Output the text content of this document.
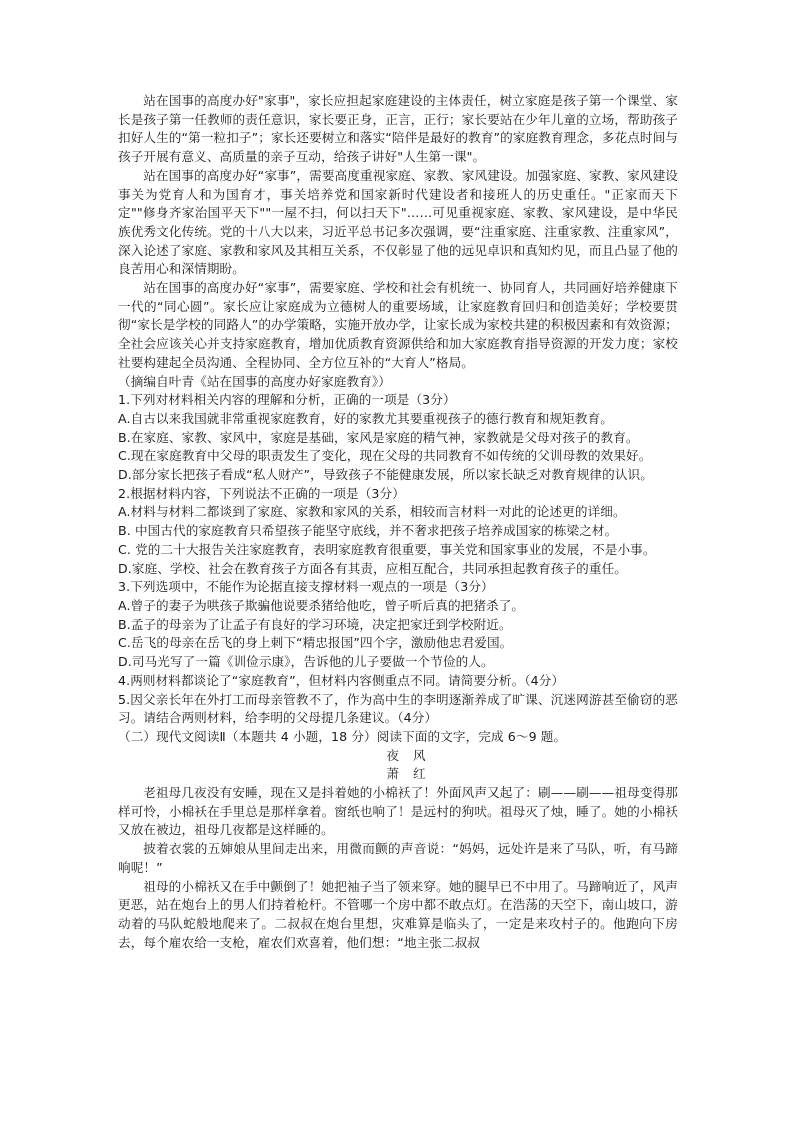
站在国事的高度办好"家事"，家长应担起家庭建设的主体责任，树立家庭是孩子第一个课堂、家长是孩子第一任教师的责任意识，家长要正身，正言，正行；家长要站在少年儿童的立场，帮助孩子扣好人生的“第一粒扣子”；家长还要树立和落实“陪伴是最好的教育”的家庭教育理念，多花点时间与孩子开展有意义、高质量的亲子互动，给孩子讲好"人生第一课"。

站在国事的高度办好“家事”，需要高度重视家庭、家教、家风建设。加强家庭、家教、家风建设事关为党育人和为国育才，事关培养党和国家新时代建设者和接班人的历史重任。"正家而天下定""修身齐家治国平天下""一屋不扫，何以扫天下"……可见重视家庭、家教、家风建设，是中华民族优秀文化传统。党的十八大以来，习近平总书记多次强调，要“注重家庭、注重家教、注重家风”，深入论述了家庭、家教和家风及其相互关系，不仅彰显了他的远见卓识和真知灼见，而且凸显了他的良苦用心和深情期盼。

站在国事的高度办好“家事”，需要家庭、学校和社会有机统一、协同育人，共同画好培养健康下一代的“同心圆”。家长应让家庭成为立德树人的重要场域，让家庭教育回归和创造美好；学校要贯彻“家长是学校的同路人”的办学策略，实施开放办学，让家长成为家校共建的积极因素和有效资源；全社会应该关心并支持家庭教育，增加优质教育资源供给和加大家庭教育指导资源的开发力度；家校社要构建起全员沟通、全程协同、全方位互补的“大育人”格局。

（摘编自叶青《站在国事的高度办好家庭教育》）

1.下列对材料相关内容的理解和分析，正确的一项是（3分）

A.自古以来我国就非常重视家庭教育，好的家教尤其要重视孩子的德行教育和规矩教育。

B.在家庭、家教、家风中，家庭是基础，家风是家庭的精气神，家教就是父母对孩子的教育。

C.现在家庭教育中父母的职责发生了变化，现在父母的共同教育不如传统的父训母教的效果好。

D.部分家长把孩子看成“私人财产”，导致孩子不能健康发展，所以家长缺乏对教育规律的认识。

2.根据材料内容，下列说法不正确的一项是（3分）

A.材料与材料二都谈到了家庭、家教和家风的关系，相较而言材料一对此的论述更的详细。

B. 中国古代的家庭教育只希望孩子能坚守底线，并不奢求把孩子培养成国家的栋梁之材。

C. 党的二十大报告关注家庭教育，表明家庭教育很重要，事关党和国家事业的发展，不是小事。

D.家庭、学校、社会在教育孩子方面各有其责，应相互配合，共同承担起教育孩子的重任。

3.下列选项中，不能作为论据直接支撑材料一观点的一项是（3分）

A.曾子的妻子为哄孩子欺骗他说要杀猪给他吃，曾子听后真的把猪杀了。

B.孟子的母亲为了让孟子有良好的学习环境，决定把家迁到学校附近。

C.岳飞的母亲在岳飞的身上刺下“精忠报国”四个字，激励他忠君爱国。

D.司马光写了一篇《训俭示康》，告诉他的儿子要做一个节俭的人。

4.两则材料都谈论了“家庭教育”，但材料内容侧重点不同。请简要分析。（4分）

5.因父亲长年在外打工而母亲管教不了，作为高中生的李明逐渐养成了旷课、沉迷网游甚至偷窃的恶习。请结合两则材料，给李明的父母提几条建议。（4分）

（二）现代文阅读Ⅱ（本题共 4 小题，18 分）阅读下面的文字，完成 6～9 题。

夜风

萧红

老祖母几夜没有安睡，现在又是抖着她的小棉袄了！外面风声又起了：刷——刷——祖母变得那样可怜，小棉袄在手里总是那样拿着。窗纸也响了！是远村的狗吠。祖母灭了烛，睡了。她的小棉袄又放在被边，祖母几夜都是这样睡的。

披着衣裳的五婶娘从里间走出来，用微而颤的声音说：“妈妈，远处许是来了马队，听，有马蹄响呢！”

祖母的小棉袄又在手中颤倒了！她把袖子当了领来穿。她的腿早已不中用了。马蹄响近了，风声更恶，站在炮台上的男人们持着枪杆。不管哪一个房中都不敢点灯。在浩荡的天空下，南山坡口，游动着的马队蛇般地爬来了。二叔叔在炮台里想，灾难算是临头了，一定是来攻村子的。他跑向下房去，每个雇农给一支枪，雇农们欢喜着，他们想：“地主张二叔叔
